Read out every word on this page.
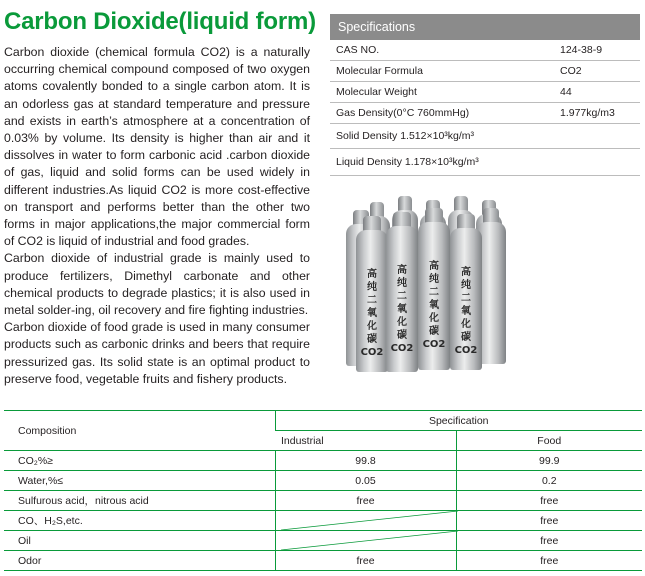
Carbon Dioxide(liquid form)

Carbon dioxide (chemical formula CO2) is a naturally occurring chemical compound composed of two oxygen atoms covalently bonded to a single carbon atom. It is an odorless gas at standard temperature and pressure and exists in earth’s atmosphere at a concentration of 0.03% by volume. Its density is higher than air and it dissolves in water to form carbonic acid .carbon dioxide of gas, liquid and solid forms can be used widely in different industries.As liquid CO2 is more cost-effective on transport and performs better than the other two forms in major applications,the major commercial form of CO2 is liquid of industrial and food grades.

Carbon dioxide of industrial grade is mainly used to produce fertilizers, Dimethyl carbonate and other chemical products to degrade plastics; it is also used in metal solder-ing, oil recovery and fire fighting industries.

Carbon dioxide of food grade is used in many consumer products such as carbonic drinks and beers that require pressurized gas. Its solid state is an optimal product to preserve food, vegetable fruits and fishery products.

Specifications
CAS NO.	124-38-9
Molecular Formula	CO2
Molecular Weight	44
Gas Density(0°C 760mmHg)	1.977kg/m3
Solid Density 1.512×10³kg/m³
Liquid Density 1.178×10³kg/m³
高
纯
二
氧
化
碳
CO2
高
纯
二
氧
化
碳
CO2
高
纯
二
氧
化
碳
CO2
高
纯
二
氧
化
碳
CO2
Composition	Specification	
	Industrial	Food
CO₂%≥	99.8	99.9
Water,%≤	0.05	0.2
Sulfurous acid，nitrous acid	free	free
CO、H₂S,etc.		free
Oil		free
Odor	free	free
